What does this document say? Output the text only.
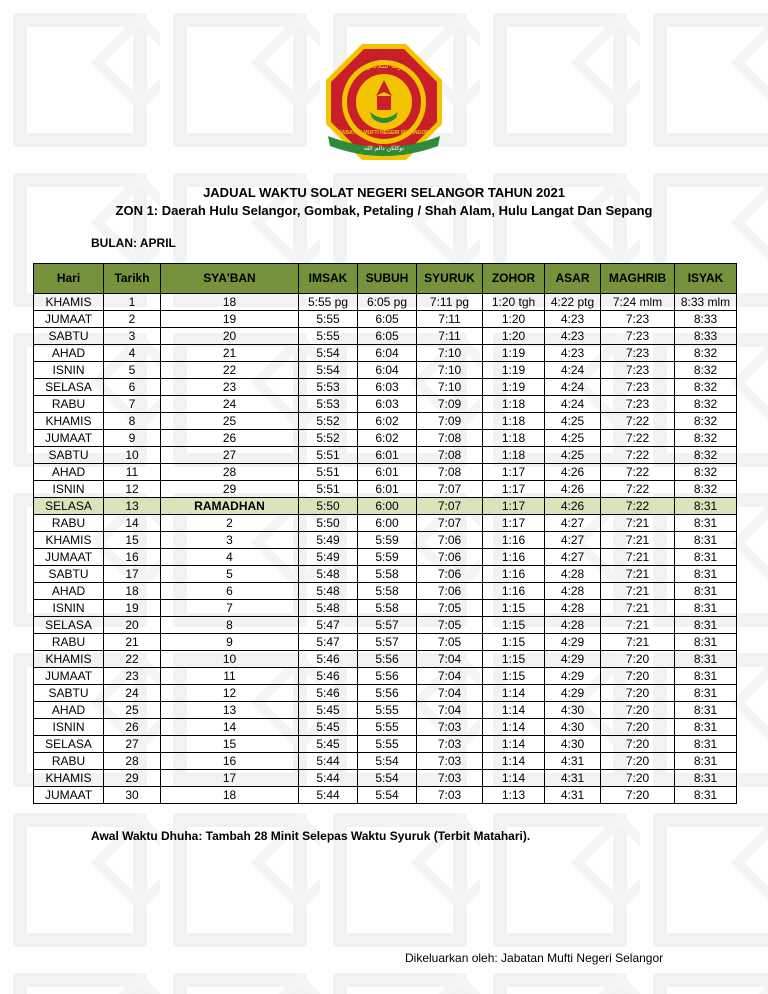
دولة سلانڠور
JABATAN MUFTI NEGERI SELANGOR
توكلکن دالم الله
JADUAL WAKTU SOLAT NEGERI SELANGOR TAHUN 2021
ZON 1: Daerah Hulu Selangor, Gombak, Petaling / Shah Alam, Hulu Langat Dan Sepang
BULAN: APRIL
Hari	Tarikh	SYA'BAN	IMSAK	SUBUH	SYURUK	ZOHOR	ASAR	MAGHRIB	ISYAK
KHAMIS	1	18	5:55 pg	6:05 pg	7:11 pg	1:20 tgh	4:22 ptg	7:24 mlm	8:33 mlm
JUMAAT	2	19	5:55	6:05	7:11	1:20	4:23	7:23	8:33
SABTU	3	20	5:55	6:05	7:11	1:20	4:23	7:23	8:33
AHAD	4	21	5:54	6:04	7:10	1:19	4:23	7:23	8:32
ISNIN	5	22	5:54	6:04	7:10	1:19	4:24	7:23	8:32
SELASA	6	23	5:53	6:03	7:10	1:19	4:24	7:23	8:32
RABU	7	24	5:53	6:03	7:09	1:18	4:24	7:23	8:32
KHAMIS	8	25	5:52	6:02	7:09	1:18	4:25	7:22	8:32
JUMAAT	9	26	5:52	6:02	7:08	1:18	4:25	7:22	8:32
SABTU	10	27	5:51	6:01	7:08	1:18	4:25	7:22	8:32
AHAD	11	28	5:51	6:01	7:08	1:17	4:26	7:22	8:32
ISNIN	12	29	5:51	6:01	7:07	1:17	4:26	7:22	8:32
SELASA	13	RAMADHAN	5:50	6:00	7:07	1:17	4:26	7:22	8:31
RABU	14	2	5:50	6:00	7:07	1:17	4:27	7:21	8:31
KHAMIS	15	3	5:49	5:59	7:06	1:16	4:27	7:21	8:31
JUMAAT	16	4	5:49	5:59	7:06	1:16	4:27	7:21	8:31
SABTU	17	5	5:48	5:58	7:06	1:16	4:28	7:21	8:31
AHAD	18	6	5:48	5:58	7:06	1:16	4:28	7:21	8:31
ISNIN	19	7	5:48	5:58	7:05	1:15	4:28	7:21	8:31
SELASA	20	8	5:47	5:57	7:05	1:15	4:28	7:21	8:31
RABU	21	9	5:47	5:57	7:05	1:15	4:29	7:21	8:31
KHAMIS	22	10	5:46	5:56	7:04	1:15	4:29	7:20	8:31
JUMAAT	23	11	5:46	5:56	7:04	1:15	4:29	7:20	8:31
SABTU	24	12	5:46	5:56	7:04	1:14	4:29	7:20	8:31
AHAD	25	13	5:45	5:55	7:04	1:14	4:30	7:20	8:31
ISNIN	26	14	5:45	5:55	7:03	1:14	4:30	7:20	8:31
SELASA	27	15	5:45	5:55	7:03	1:14	4:30	7:20	8:31
RABU	28	16	5:44	5:54	7:03	1:14	4:31	7:20	8:31
KHAMIS	29	17	5:44	5:54	7:03	1:14	4:31	7:20	8:31
JUMAAT	30	18	5:44	5:54	7:03	1:13	4:31	7:20	8:31
Awal Waktu Dhuha: Tambah 28 Minit Selepas Waktu Syuruk (Terbit Matahari).
Dikeluarkan oleh: Jabatan Mufti Negeri Selangor
